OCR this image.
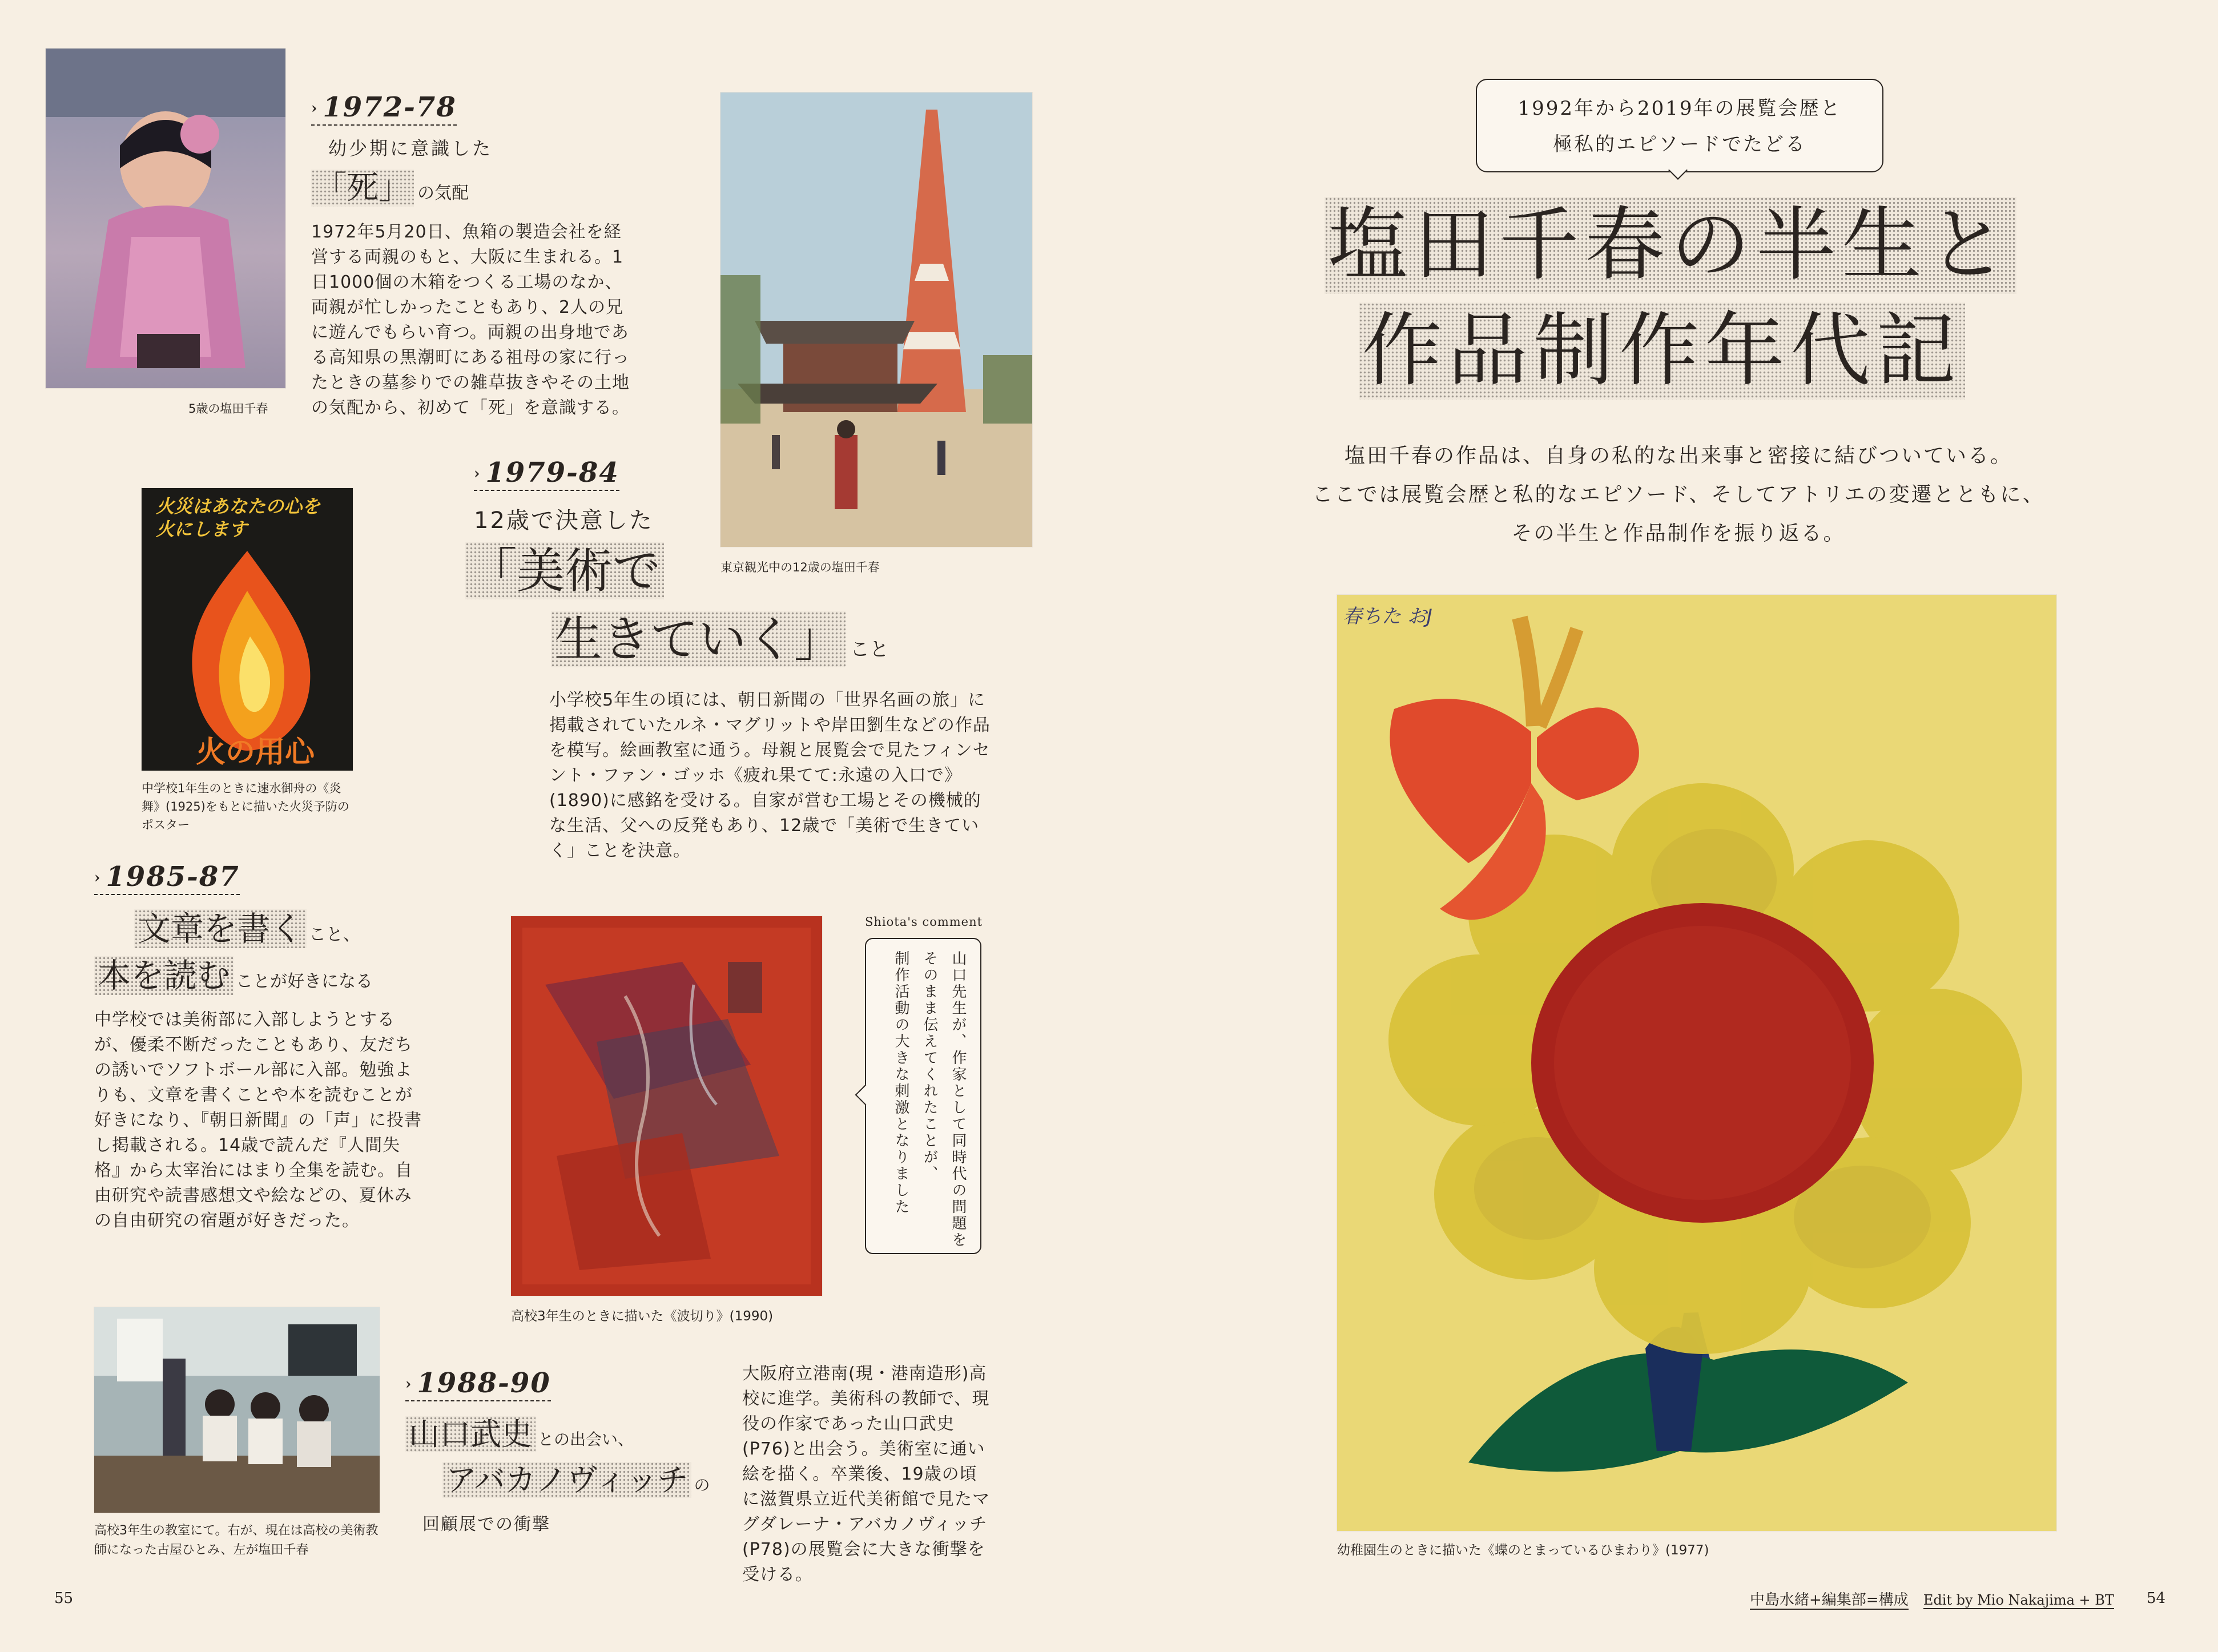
5歳の塩田千春
› 1972-78
幼少期に意識した
「死」 の気配
1972年5月20日、魚箱の製造会社を経営する両親のもと、大阪に生まれる。1日1000個の木箱をつくる工場のなか、両親が忙しかったこともあり、2人の兄に遊んでもらい育つ。両親の出身地である高知県の黒潮町にある祖母の家に行ったときの墓参りでの雑草抜きやその土地の気配から、初めて「死」を意識する。
東京観光中の12歳の塩田千春
› 1979-84
12歳で決意した
「美術で
生きていく」 こと
小学校5年生の頃には、朝日新聞の「世界名画の旅」に掲載されていたルネ・マグリットや岸田劉生などの作品を模写。絵画教室に通う。母親と展覧会で見たフィンセント・ファン・ゴッホ《疲れ果てて:永遠の入口で》(1890)に感銘を受ける。自家が営む工場とその機械的な生活、父への反発もあり、12歳で「美術で生きていく」ことを決意。
火災はあなたの心を火にします
火の用心
中学校1年生のときに速水御舟の《炎舞》(1925)をもとに描いた火災予防のポスター
› 1985-87
文章を書く こと、
本を読む ことが好きになる
中学校では美術部に入部しようとするが、優柔不断だったこともあり、友だちの誘いでソフトボール部に入部。勉強よりも、文章を書くことや本を読むことが好きになり、『朝日新聞』の「声」に投書し掲載される。14歳で読んだ『人間失格』から太宰治にはまり全集を読む。自由研究や読書感想文や絵などの、夏休みの自由研究の宿題が好きだった。
高校3年生のときに描いた《波切り》(1990)
Shiota's comment
山口先生が、作家として同時代の問題を
そのまま伝えてくれたことが、
制作活動の大きな刺激となりました
高校3年生の教室にて。右が、現在は高校の美術教師になった古屋ひとみ、左が塩田千春
› 1988-90
山口武史 との出会い、
アバカノヴィッチ の
回顧展での衝撃
大阪府立港南(現・港南造形)高校に進学。美術科の教師で、現役の作家であった山口武史(P76)と出会う。美術室に通い絵を描く。卒業後、19歳の頃に滋賀県立近代美術館で見たマグダレーナ・アバカノヴィッチ(P78)の展覧会に大きな衝撃を受ける。
55
1992年から2019年の展覧会歴と
極私的エピソードでたどる
塩田千春の半生と
作品制作年代記
塩田千春の作品は、自身の私的な出来事と密接に結びついている。
ここでは展覧会歴と私的なエピソード、そしてアトリエの変遷とともに、
その半生と作品制作を振り返る。
春ちた おJ
幼稚園生のときに描いた《蝶のとまっているひまわり》(1977)
中島水緒+編集部=構成 Edit by Mio Nakajima + BT 54
